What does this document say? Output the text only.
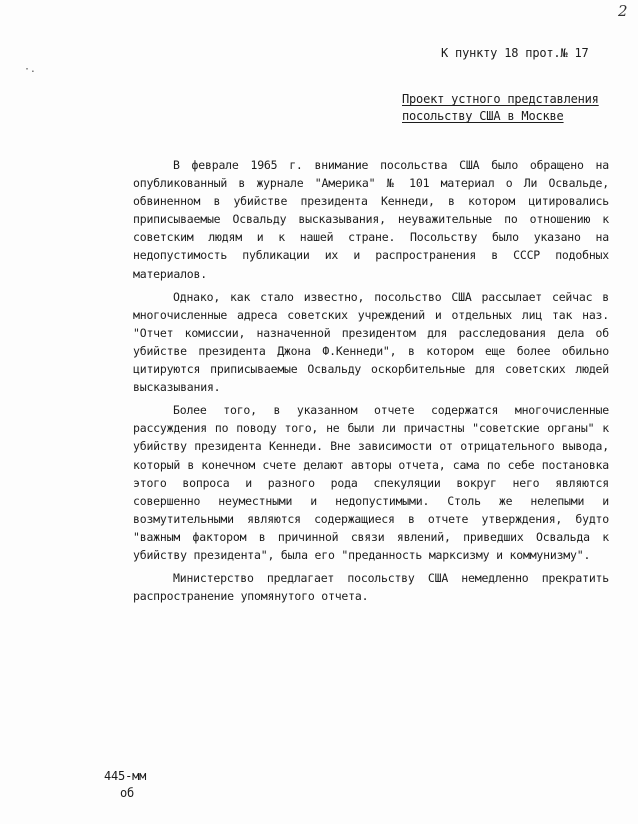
2
·.
К пункту 18 прот.№ 17
Проект устного представления
посольству США в Москве

В феврале 1965 г. внимание посольства США было обращено на опубликованный в журнале "Америка" № 101 материал о Ли Освальде, обвиненном в убийстве президента Кеннеди, в котором цитировались приписываемые Освальду высказывания, неуважительные по отношению к советским людям и к нашей стране. Посольству было указано на недопустимость публикации их и распространения в СССР подобных материалов.

Однако, как стало известно, посольство США рассылает сейчас в многочисленные адреса советских учреждений и отдельных лиц так наз. "Отчет комиссии, назначенной президентом для расследования дела об убийстве президента Джона Ф.Кеннеди", в котором еще более обильно цитируются приписываемые Освальду оскорбительные для советских людей высказывания.

Более того, в указанном отчете содержатся многочисленные рассуждения по поводу того, не были ли причастны "советские органы" к убийству президента Кеннеди. Вне зависимости от отрицательного вывода, который в конечном счете делают авторы отчета, сама по себе постановка этого вопроса и разного рода спекуляции вокруг него являются совершенно неуместными и недопустимыми. Столь же нелепыми и возмутительными являются содержащиеся в отчете утверждения, будто "важным фактором в причинной связи явлений, приведших Освальда к убийству президента", была его "преданность марксизму и коммунизму".

Министерство предлагает посольству США немедленно прекратить распространение упомянутого отчета.

445-мм
об
